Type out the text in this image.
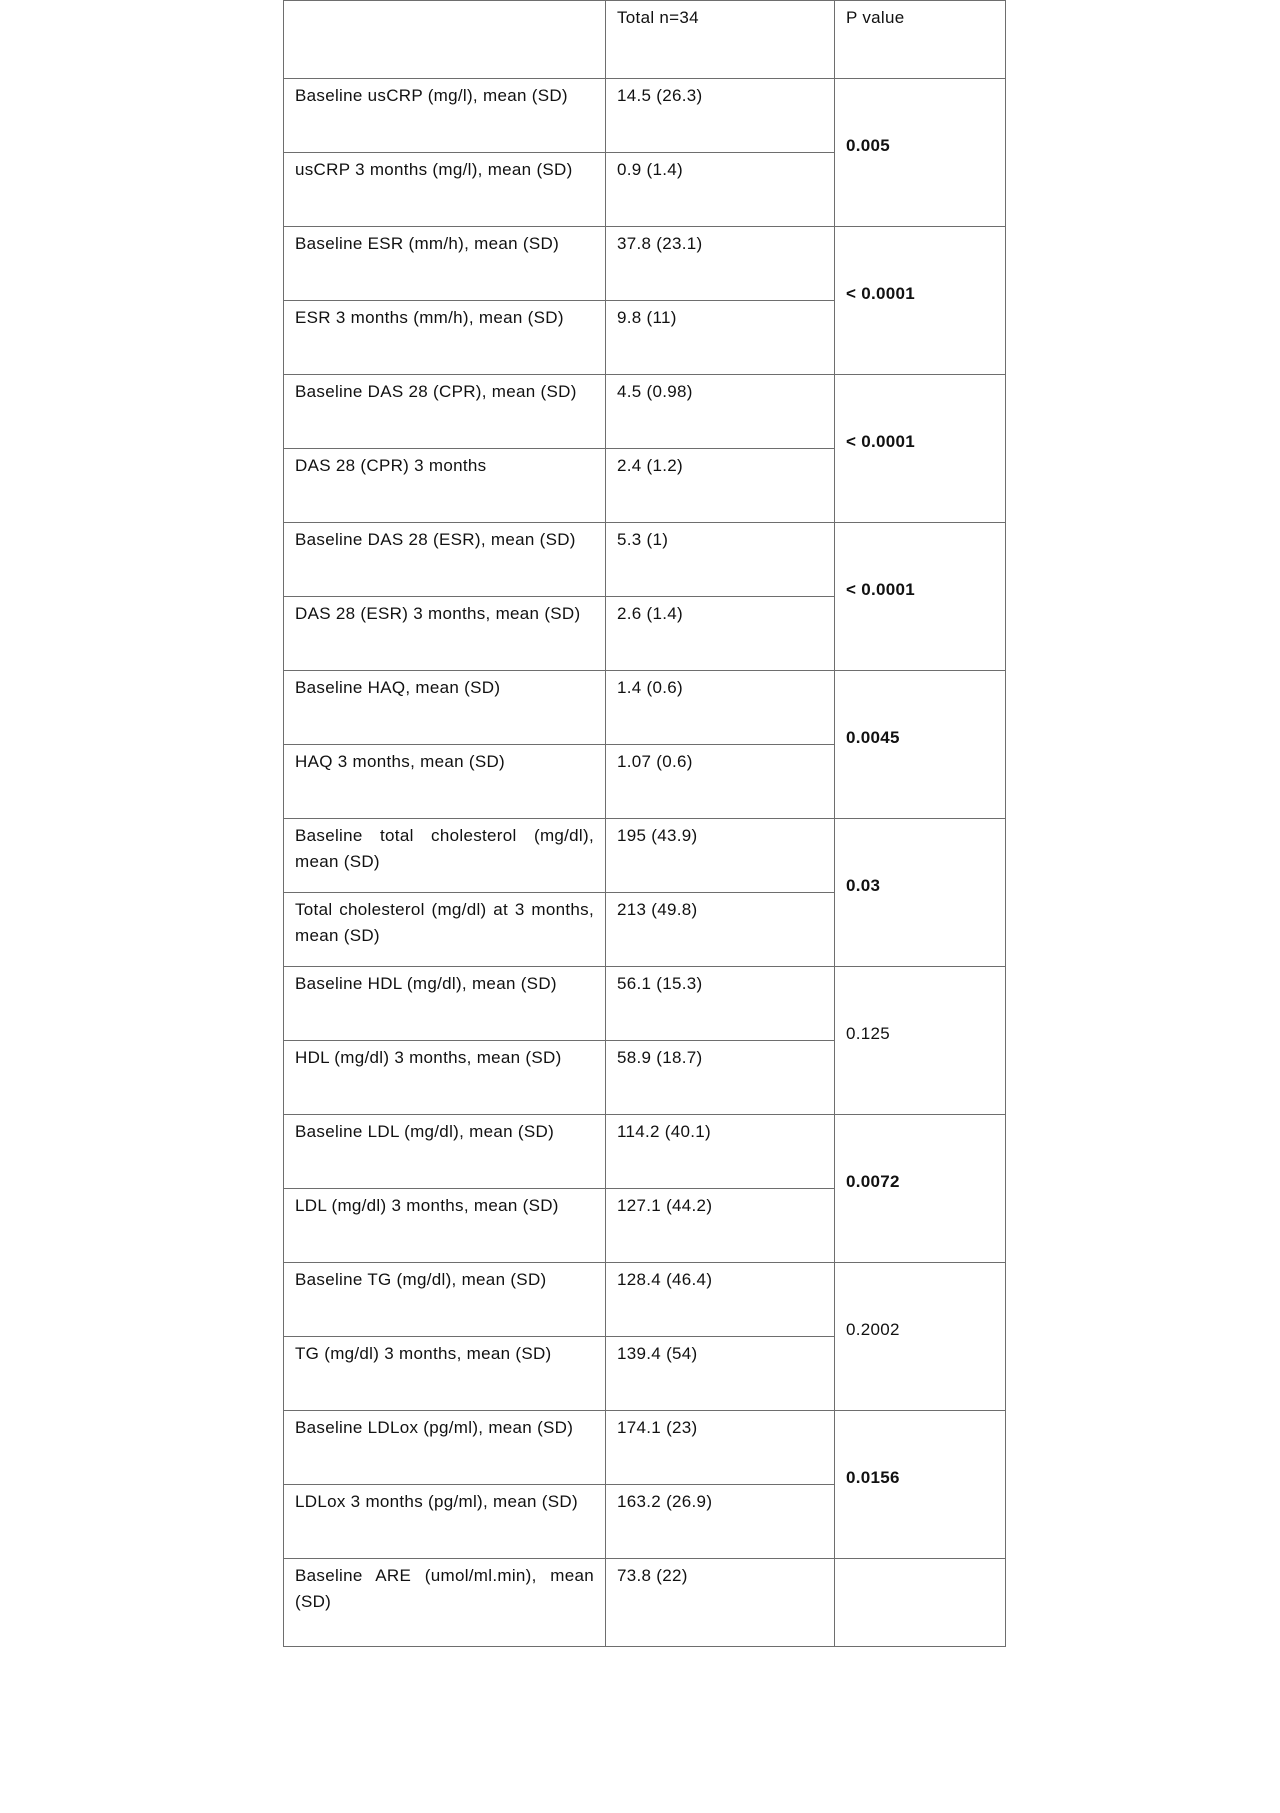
	Total n=34	P value
Baseline usCRP (mg/l), mean (SD)	14.5 (26.3)	0.005
usCRP 3 months (mg/l), mean (SD)	0.9 (1.4)	
Baseline ESR (mm/h), mean (SD)	37.8 (23.1)	< 0.0001
ESR 3 months (mm/h), mean (SD)	9.8 (11)	
Baseline DAS 28 (CPR), mean (SD)	4.5 (0.98)	< 0.0001
DAS 28 (CPR) 3 months	2.4 (1.2)	
Baseline DAS 28 (ESR), mean (SD)	5.3 (1)	< 0.0001
DAS 28 (ESR) 3 months, mean (SD)	2.6 (1.4)	
Baseline HAQ, mean (SD)	1.4 (0.6)	0.0045
HAQ 3 months, mean (SD)	1.07 (0.6)	
Baseline total cholesterol (mg/dl), mean (SD)	195 (43.9)	0.03
Total cholesterol (mg/dl) at 3 months, mean (SD)	213 (49.8)	
Baseline HDL (mg/dl), mean (SD)	56.1 (15.3)	0.125
HDL (mg/dl) 3 months, mean (SD)	58.9 (18.7)	
Baseline LDL (mg/dl), mean (SD)	114.2 (40.1)	0.0072
LDL (mg/dl) 3 months, mean (SD)	127.1 (44.2)	
Baseline TG (mg/dl), mean (SD)	128.4 (46.4)	0.2002
TG (mg/dl) 3 months, mean (SD)	139.4 (54)	
Baseline LDLox (pg/ml), mean (SD)	174.1 (23)	0.0156
LDLox 3 months (pg/ml), mean (SD)	163.2 (26.9)	
Baseline ARE (umol/ml.min), mean (SD)	73.8 (22)	
